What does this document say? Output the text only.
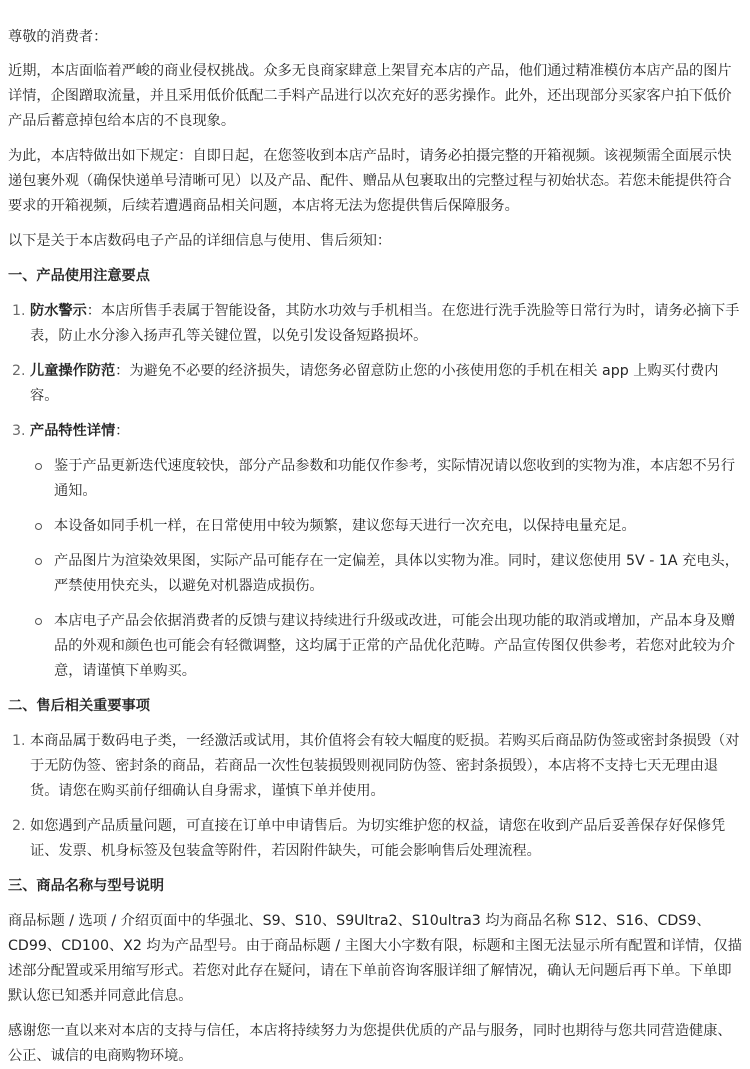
尊敬的消费者：

近期，本店面临着严峻的商业侵权挑战。众多无良商家肆意上架冒充本店的产品，他们通过精准模仿本店产品的图片详情，企图蹭取流量，并且采用低价低配二手料产品进行以次充好的恶劣操作。此外，还出现部分买家客户拍下低价产品后蓄意掉包给本店的不良现象。

为此，本店特做出如下规定：自即日起，在您签收到本店产品时，请务必拍摄完整的开箱视频。该视频需全面展示快递包裹外观（确保快递单号清晰可见）以及产品、配件、赠品从包裹取出的完整过程与初始状态。若您未能提供符合要求的开箱视频，后续若遭遇商品相关问题，本店将无法为您提供售后保障服务。

以下是关于本店数码电子产品的详细信息与使用、售后须知：

一、产品使用注意要点
1. 防水警示：本店所售手表属于智能设备，其防水功效与手机相当。在您进行洗手洗脸等日常行为时，请务必摘下手表，防止水分渗入扬声孔等关键位置，以免引发设备短路损坏。
2. 儿童操作防范：为避免不必要的经济损失，请您务必留意防止您的小孩使用您的手机在相关 app 上购买付费内容。
3. 产品特性详情：
鉴于产品更新迭代速度较快，部分产品参数和功能仅作参考，实际情况请以您收到的实物为准，本店恕不另行通知。
本设备如同手机一样，在日常使用中较为频繁，建议您每天进行一次充电，以保持电量充足。
产品图片为渲染效果图，实际产品可能存在一定偏差，具体以实物为准。同时，建议您使用 5V - 1A 充电头，严禁使用快充头，以避免对机器造成损伤。
本店电子产品会依据消费者的反馈与建议持续进行升级或改进，可能会出现功能的取消或增加，产品本身及赠品的外观和颜色也可能会有轻微调整，这均属于正常的产品优化范畴。产品宣传图仅供参考，若您对此较为介意，请谨慎下单购买。
二、售后相关重要事项
1. 本商品属于数码电子类，一经激活或试用，其价值将会有较大幅度的贬损。若购买后商品防伪签或密封条损毁（对于无防伪签、密封条的商品，若商品一次性包装损毁则视同防伪签、密封条损毁），本店将不支持七天无理由退货。请您在购买前仔细确认自身需求，谨慎下单并使用。
2. 如您遇到产品质量问题，可直接在订单中申请售后。为切实维护您的权益，请您在收到产品后妥善保存好保修凭证、发票、机身标签及包装盒等附件，若因附件缺失，可能会影响售后处理流程。
三、商品名称与型号说明

商品标题 / 选项 / 介绍页面中的华强北、S9、S10、S9Ultra2、S10ultra3 均为商品名称 S12、S16、CDS9、CD99、CD100、X2 均为产品型号。由于商品标题 / 主图大小字数有限，标题和主图无法显示所有配置和详情，仅描述部分配置或采用缩写形式。若您对此存在疑问，请在下单前咨询客服详细了解情况，确认无问题后再下单。下单即默认您已知悉并同意此信息。

感谢您一直以来对本店的支持与信任，本店将持续努力为您提供优质的产品与服务，同时也期待与您共同营造健康、公正、诚信的电商购物环境。
